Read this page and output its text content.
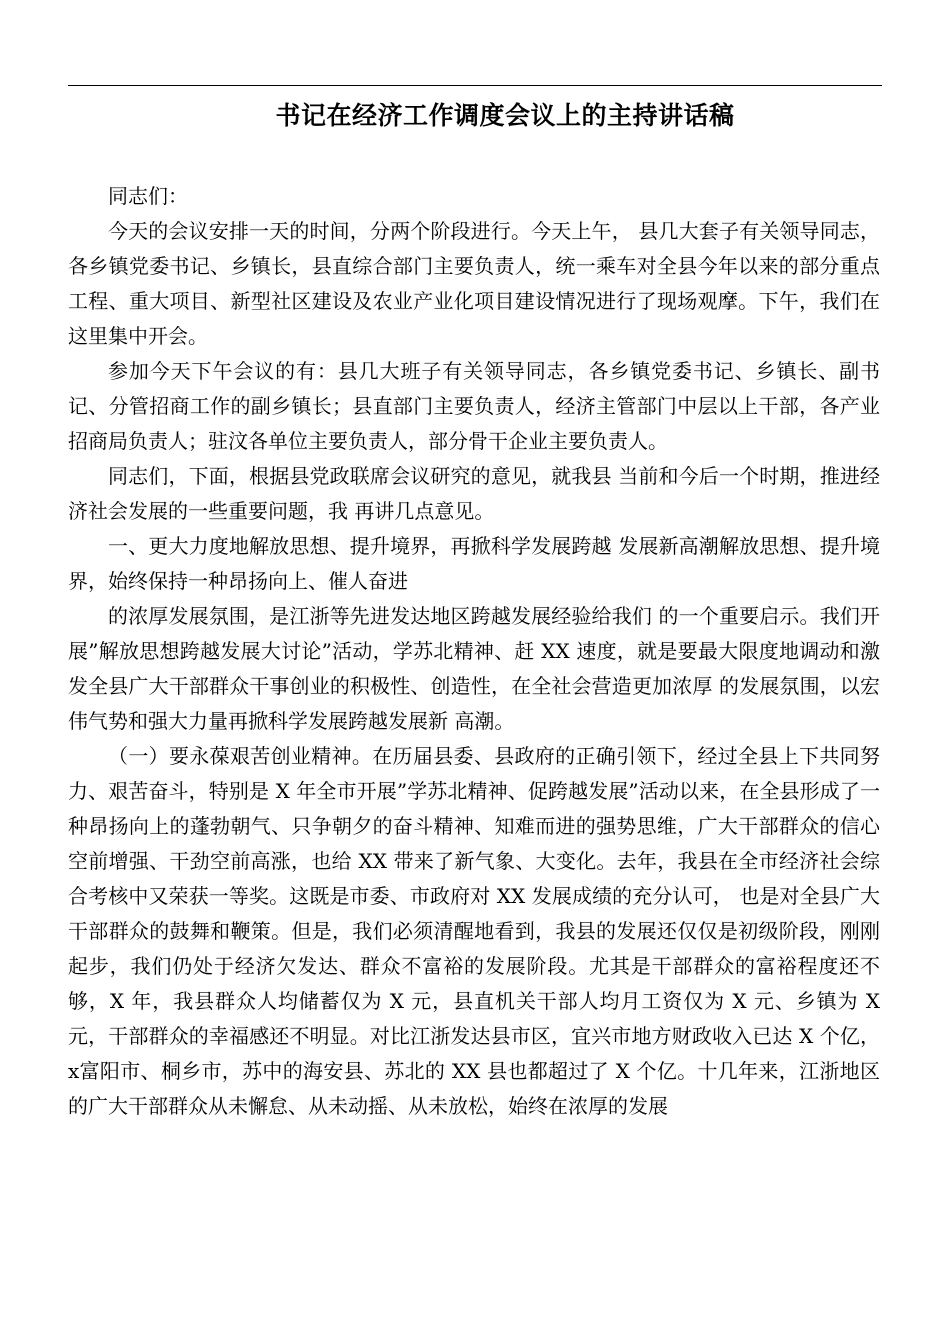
书记在经济工作调度会议上的主持讲话稿

同志们：

今天的会议安排一天的时间，分两个阶段进行。今天上午， 县几大套子有关领导同志，各乡镇党委书记、乡镇长，县直综合部门主要负责人，统一乘车对全县今年以来的部分重点工程、重大项目、新型社区建设及农业产业化项目建设情况进行了现场观摩。下午，我们在这里集中开会。

参加今天下午会议的有：县几大班子有关领导同志，各乡镇党委书记、乡镇长、副书记、分管招商工作的副乡镇长；县直部门主要负责人，经济主管部门中层以上干部，各产业招商局负责人；驻汶各单位主要负责人，部分骨干企业主要负责人。

同志们，下面，根据县党政联席会议研究的意见，就我县 当前和今后一个时期，推进经济社会发展的一些重要问题，我 再讲几点意见。

一、更大力度地解放思想、提升境界，再掀科学发展跨越 发展新高潮解放思想、提升境界，始终保持一种昂扬向上、催人奋进

的浓厚发展氛围，是江浙等先进发达地区跨越发展经验给我们 的一个重要启示。我们开展”解放思想跨越发展大讨论”活动，学苏北精神、赶 XX 速度，就是要最大限度地调动和激发全县广大干部群众干事创业的积极性、创造性，在全社会营造更加浓厚 的发展氛围，以宏伟气势和强大力量再掀科学发展跨越发展新 高潮。

（一）要永葆艰苦创业精神。在历届县委、县政府的正确引领下，经过全县上下共同努力、艰苦奋斗，特别是 X 年全市开展”学苏北精神、促跨越发展”活动以来，在全县形成了一种昂扬向上的蓬勃朝气、只争朝夕的奋斗精神、知难而进的强势思维，广大干部群众的信心空前增强、干劲空前高涨，也给 XX 带来了新气象、大变化。去年，我县在全市经济社会综合考核中又荣获一等奖。这既是市委、市政府对 XX 发展成绩的充分认可， 也是对全县广大干部群众的鼓舞和鞭策。但是，我们必须清醒地看到，我县的发展还仅仅是初级阶段，刚刚起步，我们仍处于经济欠发达、群众不富裕的发展阶段。尤其是干部群众的富裕程度还不够，X 年，我县群众人均储蓄仅为 X 元，县直机关干部人均月工资仅为 X 元、乡镇为 X 元，干部群众的幸福感还不明显。对比江浙发达县市区，宜兴市地方财政收入已达 X 个亿，x富阳市、桐乡市，苏中的海安县、苏北的 XX 县也都超过了 X 个亿。十几年来，江浙地区的广大干部群众从未懈怠、从未动摇、从未放松，始终在浓厚的发展
